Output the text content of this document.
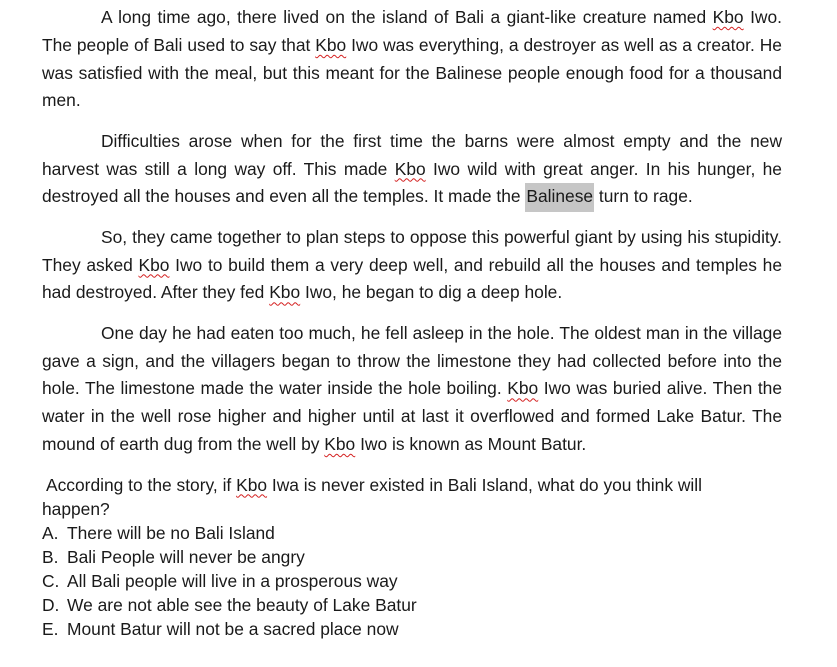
A long time ago, there lived on the island of Bali a giant-like creature named Kbo Iwo. The people of Bali used to say that Kbo Iwo was everything, a destroyer as well as a creator. He was satisfied with the meal, but this meant for the Balinese people enough food for a thousand men.

Difficulties arose when for the first time the barns were almost empty and the new harvest was still a long way off. This made Kbo Iwo wild with great anger. In his hunger, he destroyed all the houses and even all the temples. It made the Balinese turn to rage.

So, they came together to plan steps to oppose this powerful giant by using his stupidity. They asked Kbo Iwo to build them a very deep well, and rebuild all the houses and temples he had destroyed. After they fed Kbo Iwo, he began to dig a deep hole.

One day he had eaten too much, he fell asleep in the hole. The oldest man in the village gave a sign, and the villagers began to throw the limestone they had collected before into the hole. The limestone made the water inside the hole boiling. Kbo Iwo was buried alive. Then the water in the well rose higher and higher until at last it overflowed and formed Lake Batur. The mound of earth dug from the well by Kbo Iwo is known as Mount Batur.

According to the story, if Kbo Iwa is never existed in Bali Island, what do you think will
happen?

A. There will be no Bali Island
B. Bali People will never be angry
C. All Bali people will live in a prosperous way
D. We are not able see the beauty of Lake Batur
E. Mount Batur will not be a sacred place now
